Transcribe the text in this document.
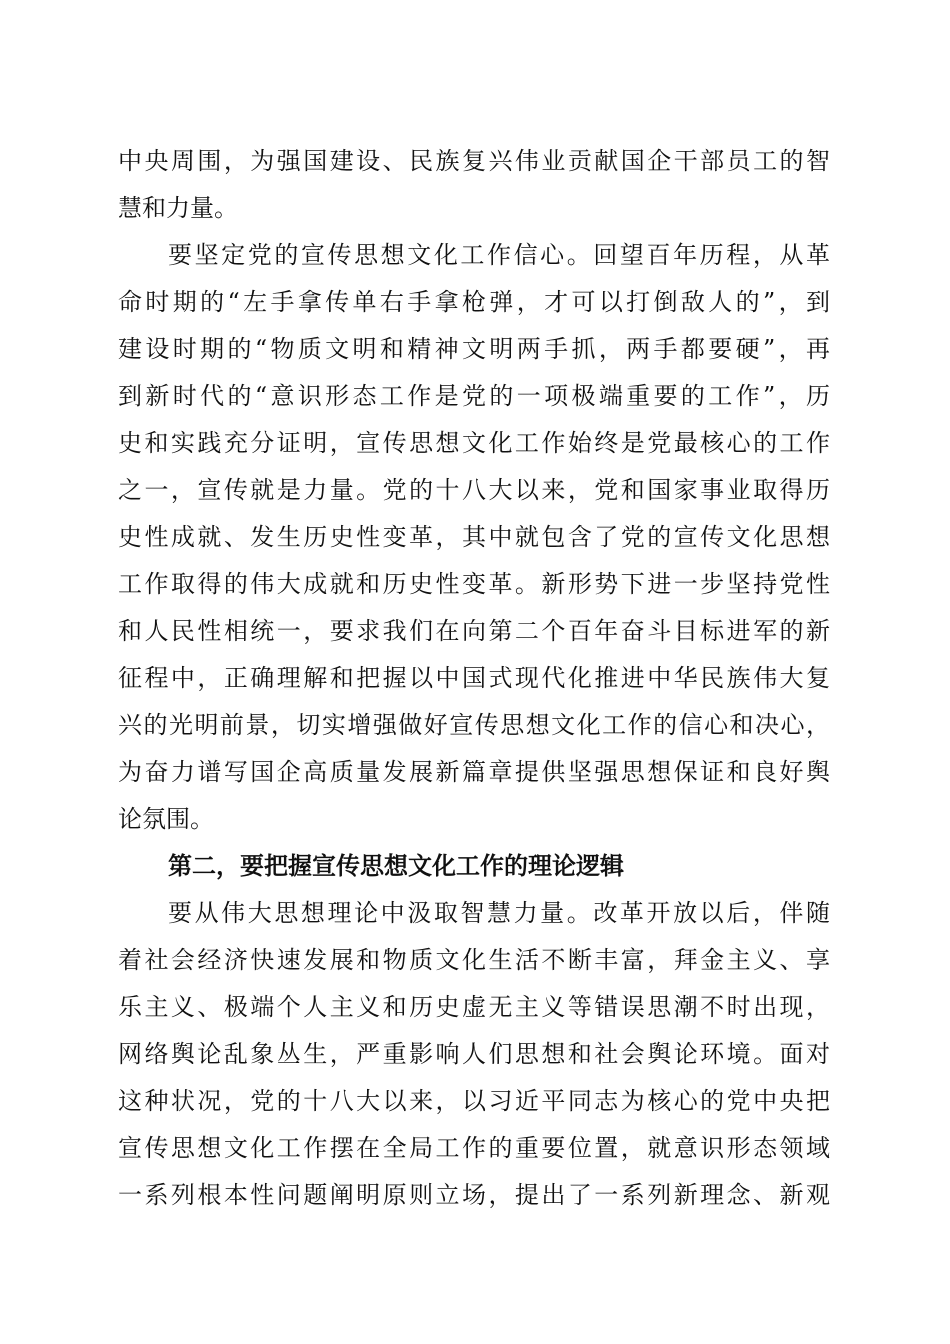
中央周围，为强国建设、民族复兴伟业贡献国企干部员工的智
慧和力量。
要坚定党的宣传思想文化工作信心。回望百年历程，从革
命时期的“左手拿传单右手拿枪弹，才可以打倒敌人的”，到
建设时期的“物质文明和精神文明两手抓，两手都要硬”，再
到新时代的“意识形态工作是党的一项极端重要的工作”，历
史和实践充分证明，宣传思想文化工作始终是党最核心的工作
之一，宣传就是力量。党的十八大以来，党和国家事业取得历
史性成就、发生历史性变革，其中就包含了党的宣传文化思想
工作取得的伟大成就和历史性变革。新形势下进一步坚持党性
和人民性相统一，要求我们在向第二个百年奋斗目标进军的新
征程中，正确理解和把握以中国式现代化推进中华民族伟大复
兴的光明前景，切实增强做好宣传思想文化工作的信心和决心，
为奋力谱写国企高质量发展新篇章提供坚强思想保证和良好舆
论氛围。
第二，要把握宣传思想文化工作的理论逻辑
要从伟大思想理论中汲取智慧力量。改革开放以后，伴随
着社会经济快速发展和物质文化生活不断丰富，拜金主义、享
乐主义、极端个人主义和历史虚无主义等错误思潮不时出现，
网络舆论乱象丛生，严重影响人们思想和社会舆论环境。面对
这种状况，党的十八大以来，以习近平同志为核心的党中央把
宣传思想文化工作摆在全局工作的重要位置，就意识形态领域
一系列根本性问题阐明原则立场，提出了一系列新理念、新观
